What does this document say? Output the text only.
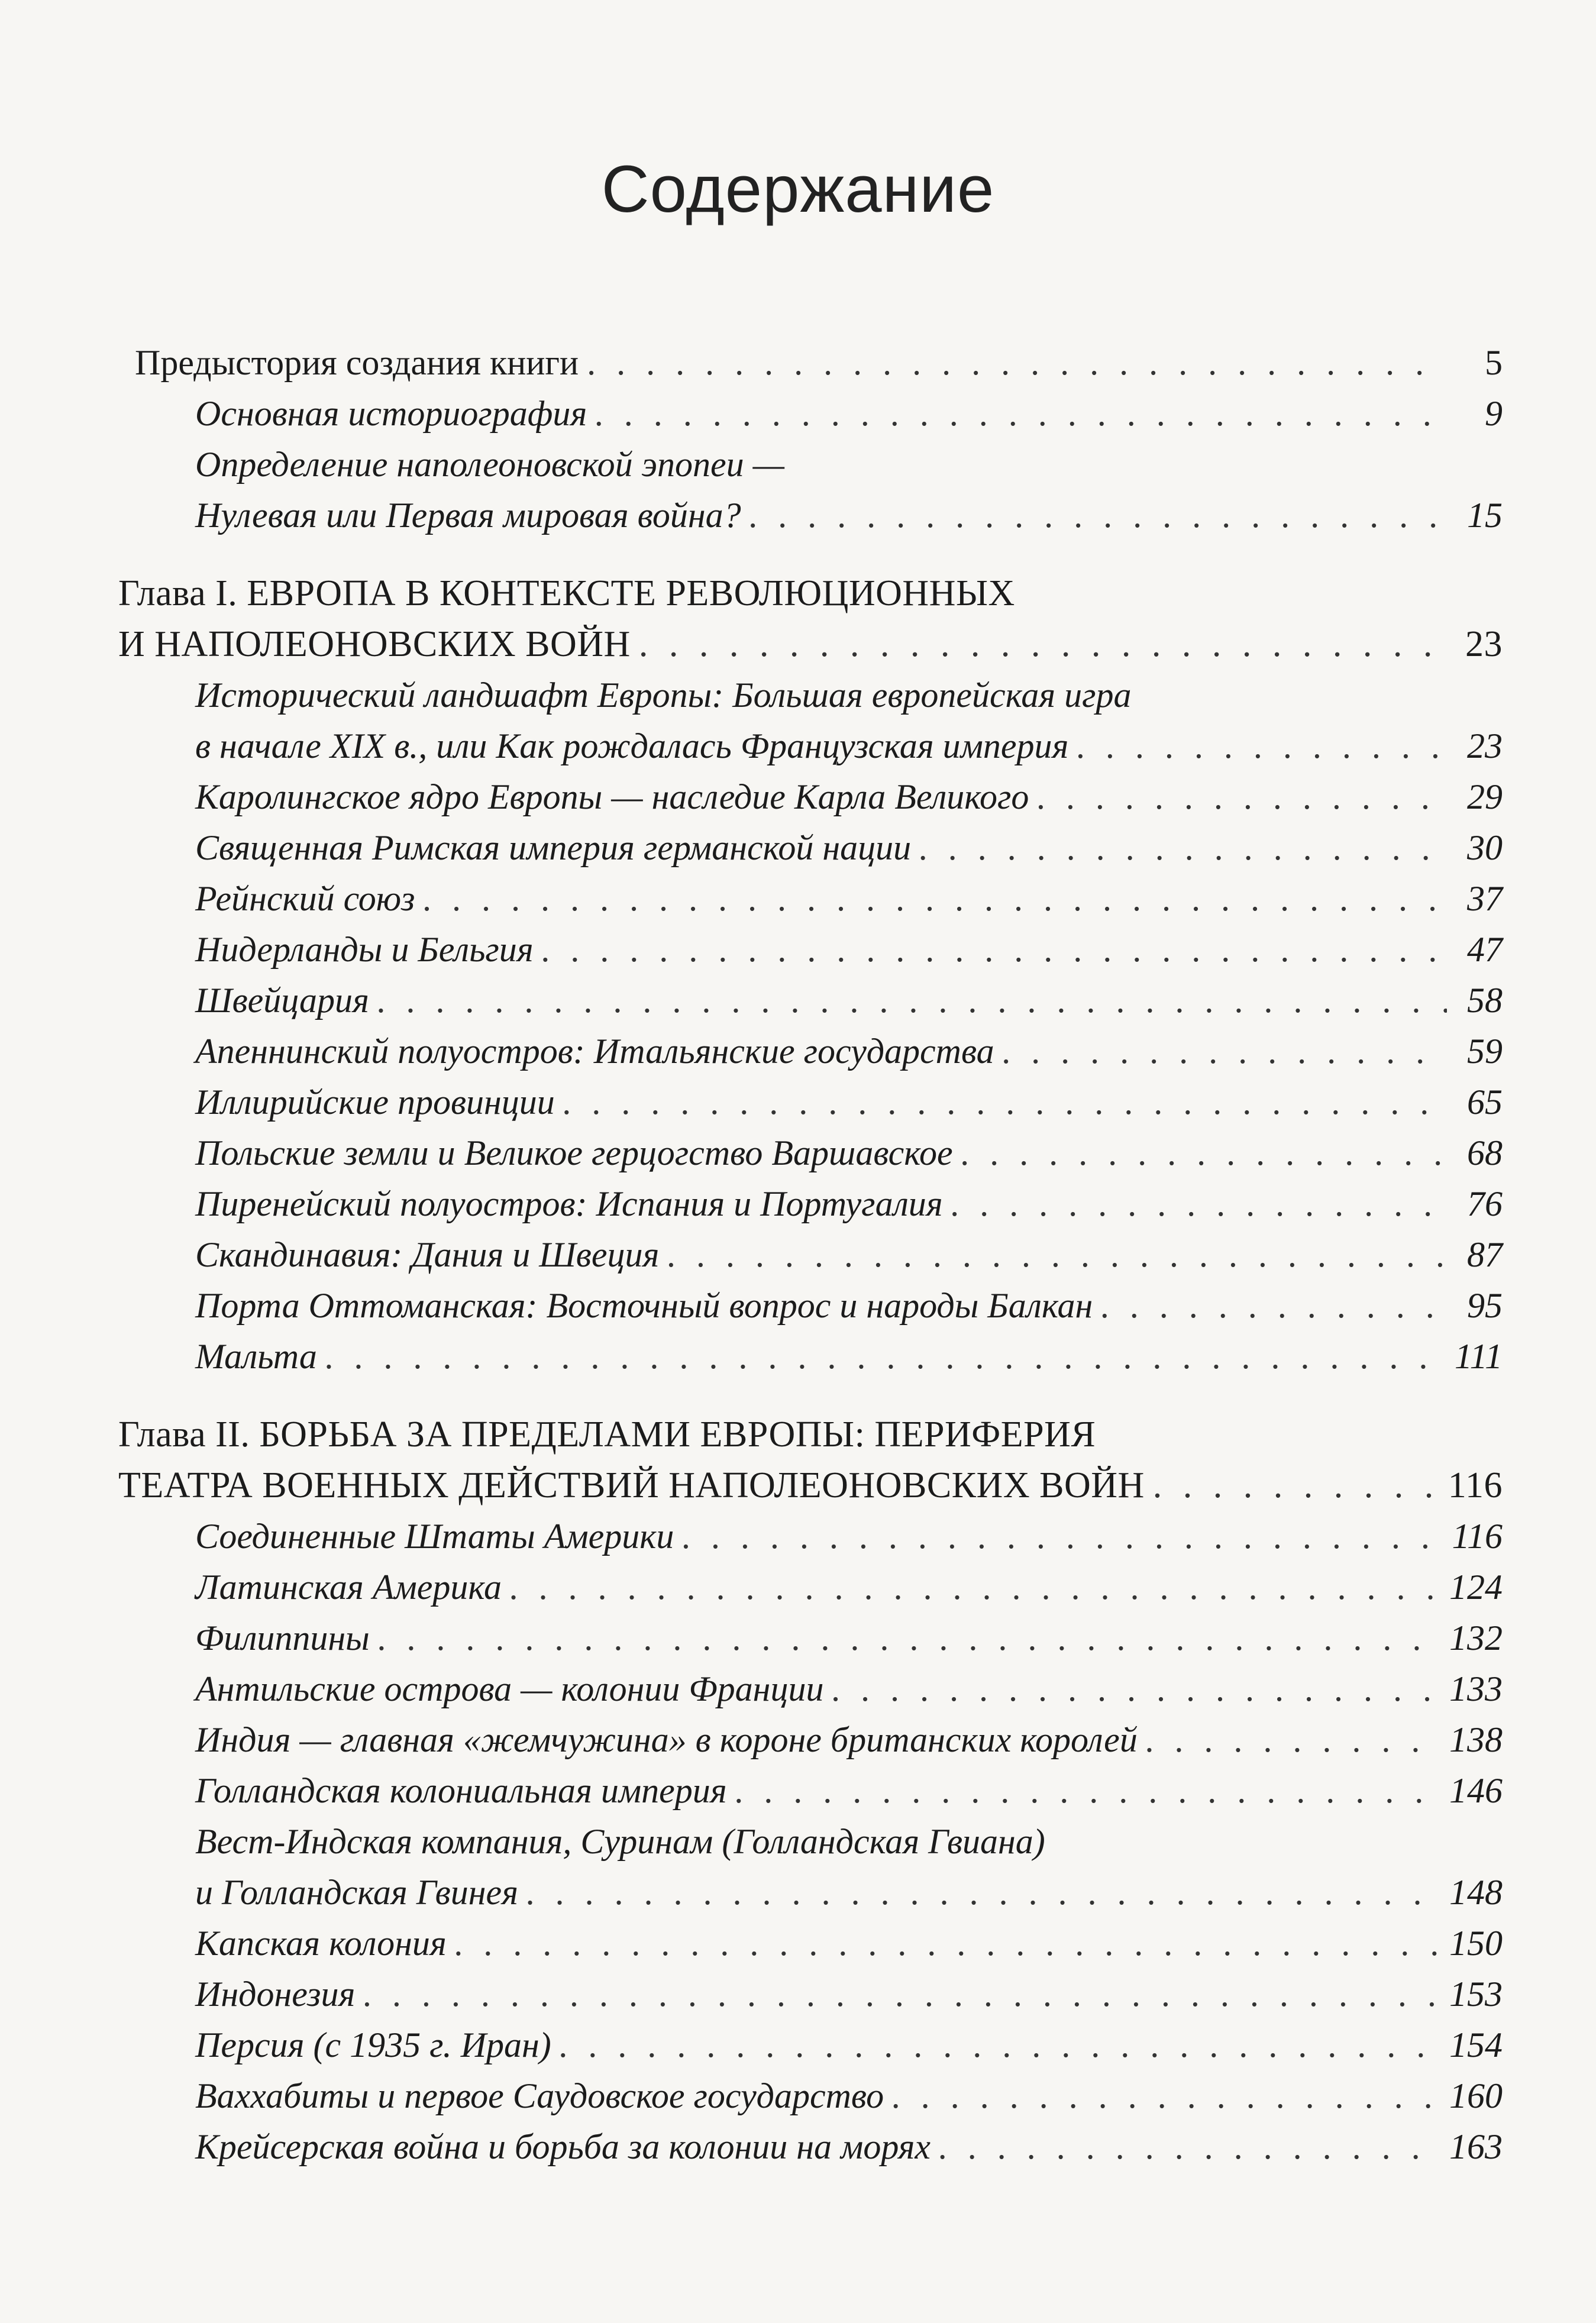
Содержание
Предыстория создания книги . . .	5
Основная историография . . .	9
Определение наполеоновской эпопеи —
Нулевая или Первая мировая война? . . .	15
Глава I. ЕВРОПА В КОНТЕКСТЕ РЕВОЛЮЦИОННЫХ
И НАПОЛЕОНОВСКИХ ВОЙН . . .	23
Исторический ландшафт Европы: Большая европейская игра
в начале XIX в., или Как рождалась Французская империя . . .	23
Каролингское ядро Европы — наследие Карла Великого . . .	29
Священная Римская империя германской нации . . .	30
Рейнский союз . . .	37
Нидерланды и Бельгия . . .	47
Швейцария . . .	58
Апеннинский полуостров: Итальянские государства . . .	59
Иллирийские провинции . . .	65
Польские земли и Великое герцогство Варшавское . . .	68
Пиренейский полуостров: Испания и Португалия . . .	76
Скандинавия: Дания и Швеция . . .	87
Порта Оттоманская: Восточный вопрос и народы Балкан . . .	95
Мальта . . .	111
Глава II. БОРЬБА ЗА ПРЕДЕЛАМИ ЕВРОПЫ: ПЕРИФЕРИЯ
ТЕАТРА ВОЕННЫХ ДЕЙСТВИЙ НАПОЛЕОНОВСКИХ ВОЙН . . .	116
Соединенные Штаты Америки . . .	116
Латинская Америка . . .	124
Филиппины . . .	132
Антильские острова — колонии Франции . . .	133
Индия — главная «жемчужина» в короне британских королей . . .	138
Голландская колониальная империя . . .	146
Вест-Индская компания, Суринам (Голландская Гвиана)
и Голландская Гвинея . . .	148
Капская колония . . .	150
Индонезия . . .	153
Персия (с 1935 г. Иран) . . .	154
Ваххабиты и первое Саудовское государство . . .	160
Крейсерская война и борьба за колонии на морях . . .	163
